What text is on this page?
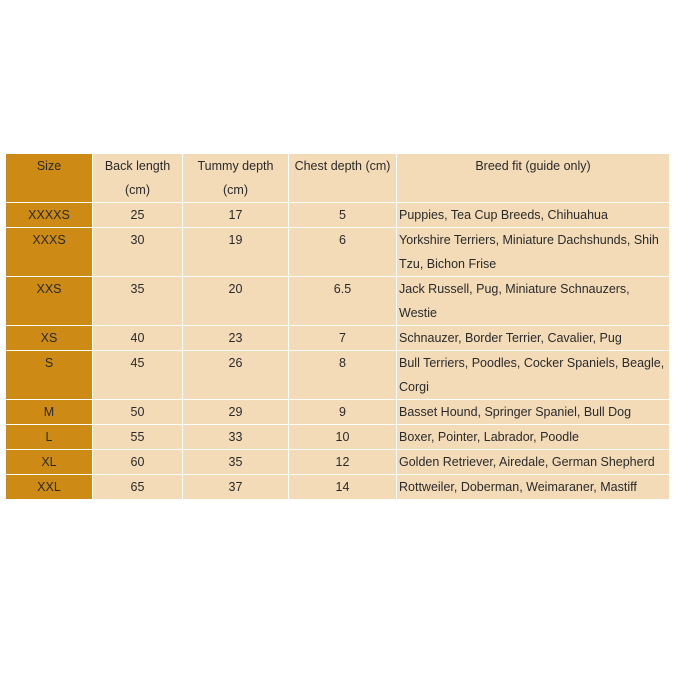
Size	Back length (cm)	Tummy depth (cm)	Chest depth (cm)	Breed fit (guide only)
XXXXS	25	17	5	Puppies, Tea Cup Breeds, Chihuahua
XXXS	30	19	6	Yorkshire Terriers, Miniature Dachshunds, Shih Tzu, Bichon Frise
XXS	35	20	6.5	Jack Russell, Pug, Miniature Schnauzers, Westie
XS	40	23	7	Schnauzer, Border Terrier, Cavalier, Pug
S	45	26	8	Bull Terriers, Poodles, Cocker Spaniels, Beagle, Corgi
M	50	29	9	Basset Hound, Springer Spaniel, Bull Dog
L	55	33	10	Boxer, Pointer, Labrador, Poodle
XL	60	35	12	Golden Retriever, Airedale, German Shepherd
XXL	65	37	14	Rottweiler, Doberman, Weimaraner, Mastiff
